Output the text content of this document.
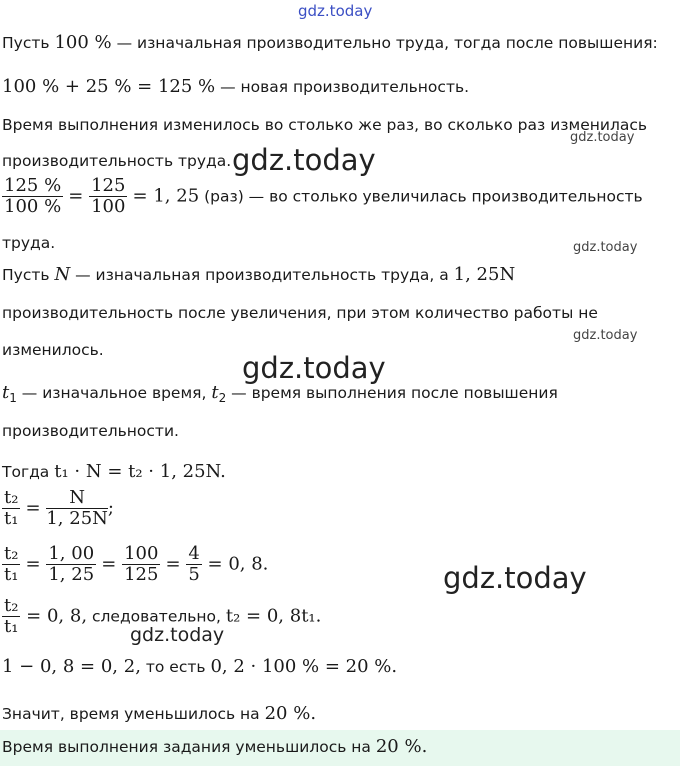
gdz.today
Пусть 100 % — изначальная производительно труда, тогда после повышения:
100 % + 25 % = 125 % — новая производительность.
Время выполнения изменилось во столько же раз, во сколько раз изменилась
gdz.today
производительность труда. gdz.today
$\frac{125 \%}{100 \%} = \frac{125}{100} = 1$, 25 (раз) — во столько увеличилась производительность
труда.	gdz.today
Пусть N — изначальная производительность труда, а 1, 25N
производительность после увеличения, при этом количество работы не
gdz.today
изменилось.
gdz.today
$t_1$ — изначальное время, $t_2$ — время выполнения после повышения
производительности.
Тогда t₁ · N = t₂ · 1, 25N.
$\frac{\text{t₂}}{\text{t₁}} = \frac{N}{1, 25N}$ ;
$\frac{\text{t₂}}{\text{t₁}} = \frac{1, 00}{1, 25} = \frac{100}{125} = \frac{4}{5} = 0$, 8.	gdz.today
$\frac{\text{t₂}}{\text{t₁}} = 0$, 8, следовательно, t₂ = 0, 8t₁.
gdz.today
1 − 0, 8 = 0, 2, то есть 0, 2 · 100 % = 20 %.
Значит, время уменьшилось на 20 %.
Время выполнения задания уменьшилось на 20 %.
